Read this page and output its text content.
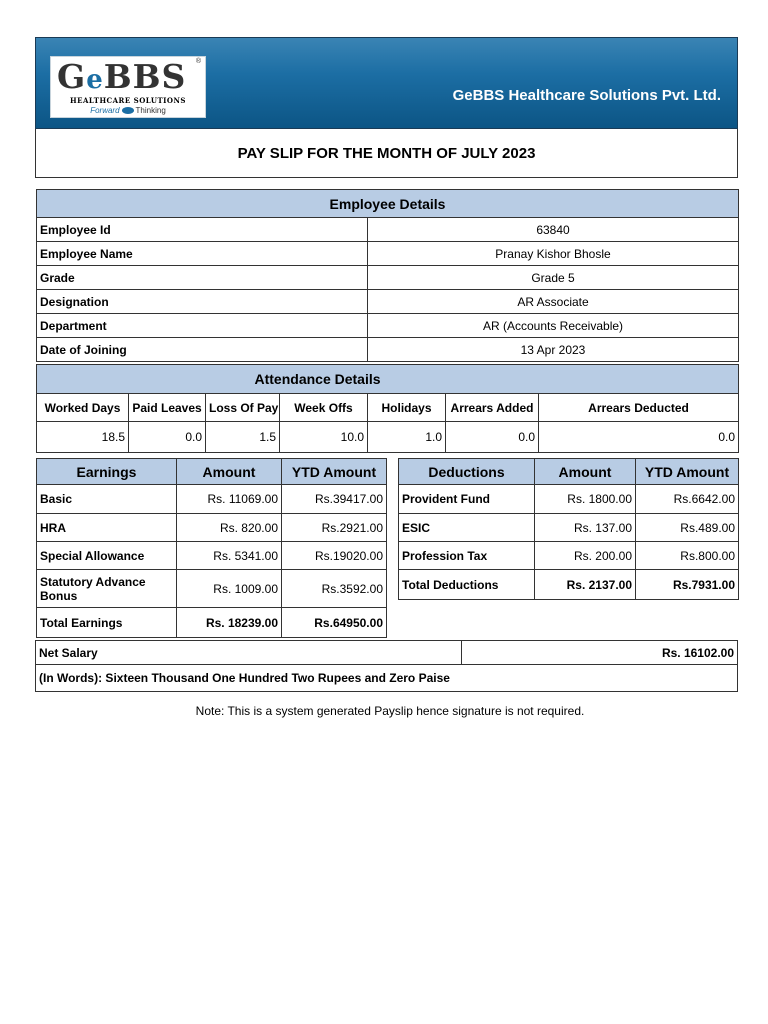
GeBBS	®
HEALTHCARE SOLUTIONS
Forward Thinking
GeBBS Healthcare Solutions Pvt. Ltd.
PAY SLIP FOR THE MONTH OF JULY 2023
Employee Details	
Employee Id	63840
Employee Name	Pranay Kishor Bhosle
Grade	Grade 5
Designation	AR Associate
Department	AR (Accounts Receivable)
Date of Joining	13 Apr 2023
Attendance Details						
Worked Days	Paid Leaves	Loss Of Pay	Week Offs	Holidays	Arrears Added	Arrears Deducted
18.5	0.0	1.5	10.0	1.0	0.0	0.0
Earnings	Amount	YTD Amount
Basic	Rs. 11069.00	Rs.39417.00
HRA	Rs. 820.00	Rs.2921.00
Special Allowance	Rs. 5341.00	Rs.19020.00
Statutory Advance Bonus	Rs. 1009.00	Rs.3592.00
Total Earnings	Rs. 18239.00	Rs.64950.00
Deductions	Amount	YTD Amount
Provident Fund	Rs. 1800.00	Rs.6642.00
ESIC	Rs. 137.00	Rs.489.00
Profession Tax	Rs. 200.00	Rs.800.00
Total Deductions	Rs. 2137.00	Rs.7931.00
Net Salary	Rs. 16102.00
(In Words): Sixteen Thousand One Hundred Two Rupees and Zero Paise
Note: This is a system generated Payslip hence signature is not required.
